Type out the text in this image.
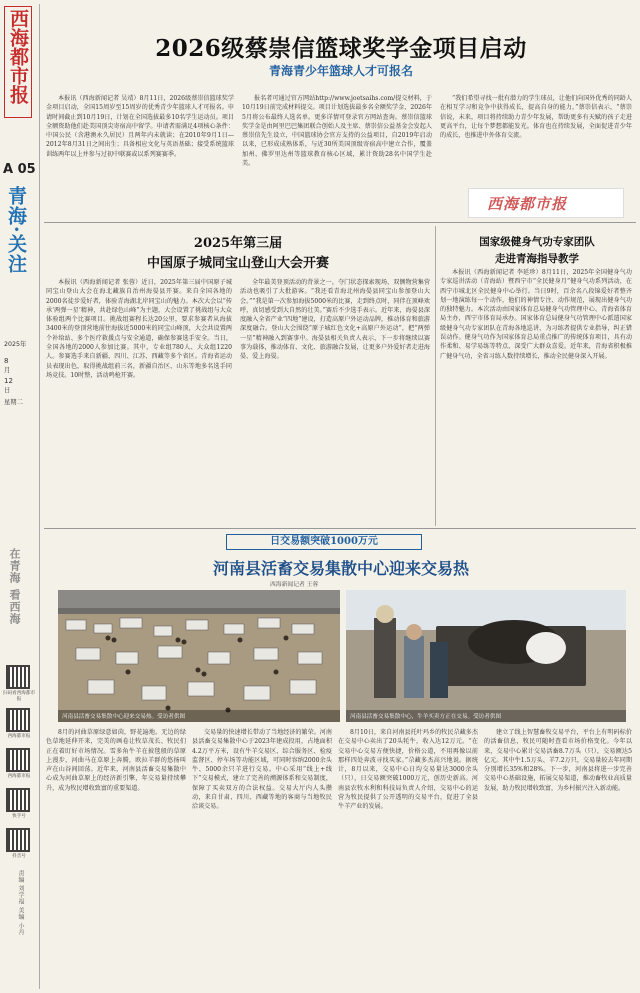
西海都市报
A 05
青海·关注
2025年
8
月
12
日
星期二
在青海 看西海
扫码看西海都市报
西海都市报
西海都市报
快手号
抖音号
责编 刘学福 美编 小丹
2026级蔡崇信篮球奖学金项目启动
青海青少年篮球人才可报名
本报讯（西海新闻记者 吴靖）8月11日，2026级蔡崇信篮球奖学金项目启动，全国15周岁至15周岁的优秀青少年篮球人才可报名。申请时间截止到10月19日，计划在全国选拔最多10名学生运动员。项目全额资助他们赴美国顶尖寄宿高中留学。申请者需满足4项核心条件：中国公民（含港澳永久居民）且两年内未就读；在2010年9月1日—2012年8月31日之间出生；具备相应文化与英语基础；接受系统篮球训练两年以上并参与过初中联赛或以系列赛赛季。
报名者可通过官方网站http://www.joetsaihs.com/提交材料，于10月19日前完成材料提交。项目计划选拔最多名全额奖学金，2026年5月将公布最终人选名单。更多详情可登录官方网站查询。蔡崇信篮球奖学金是由阿里巴巴集团联合创始人及主席、蔡崇信公益基金会发起人蔡崇信先生设立，中国篮球协会官方支持的公益项目，自2019年启动以来，已形成成熟体系，与近30所美国顶级寄宿高中建立合作，覆盖加州、佛罗里达州等篮球教育核心区域，累计资助28名中国学生赴美。
“我们希望寻找一批有潜力的学生球员，让他们向国外优秀的同龄人在相互学习和竞争中获得成长，提高自身的能力，”蔡崇信表示，“蔡崇信说，未来，项目将持续助力青少年发展，帮助更多有天赋的孩子走进更高平台，让每个梦想都能发光。体育也在持续发展，全面促进青少年的成长，也推进中外体育交流。
西海都市报
2025年第三届
中国原子城同宝山登山大会开赛
本报讯（西海新闻记者 张蓉）近日，2025年第三届中国原子城同宝山登山大会在海北藏族自治州海晏县开赛。来自全国各地的2000名徒步爱好者，体验青海湖北岸同宝山的魅力。本次大会以“传承‘两弹一星’精神，共赴绿色山峰”为主题，大会设置了挑战组与大众体验组两个比赛项目。挑战组赛程长达20公里，要求参赛者从海拔3400米的登顶营地前往海拔近5000米的同宝山峰顶，大会共设置两个补给站、多个医疗救援点与安全通道，确保参赛选手安全。当日，全国各地的2000人参加比赛。其中，专业组780人、大众组1220人。参赛选手来自新疆、四川、江苏、西藏等多个省区。青海省运动员表现出色，取得挑战组前三名，新疆自治区、山东等地多名选手同场竞技。10时整，活动鸣枪开赛。
全年最美登顶活动的背景之一，夺门状态探索现场，双侧物营集营活动也吸引了大批游客。“我还看青海北州海晏县同宝山参加登山大会。”“我是第一次参加海拔5000米的比赛，走到终点时，同伴在顶峰欢呼，真切感受到大自然的壮美。”赛后不少选手表示。近年来，海晏县深度融入全省产业“四地”建设，打造高原户外运动品牌，推动体育和旅游深度融合。登山大会围绕“原子城红色文化+高原户外运动”，把“两弹一星”精神融入到赛事中。海晏县相关负责人表示，下一步将继续以赛事为载体，推动体育、文化、旅游融合发展，让更多户外爱好者走进海晏、爱上海晏。
国家级健身气功专家团队
走进青海指导教学
本报讯（西海新闻记者 李延珍）8月11日，2025年全国健身气功专家巡讲活动（青海站）暨西宁市“全民健身月”健身气功系列活动，在西宁市城北区全民健身中心举行。当日9时，百余名八段锦爱好者整齐划一地演练每一个动作，他们的神情专注、动作规范，展现出健身气功的独特魅力。本次活动由国家体育总局健身气功管理中心、青海省体育局主办，西宁市体育局承办。国家体育总局健身气功管理中心派遣国家级健身气功专家团队在青海各地巡讲，为习练者提供专业指导，纠正错误动作。健身气功作为国家体育总局重点推广的传统体育项目，具有动作柔和、易学易练等特点，深受广大群众喜爱。近年来，青海省积极推广健身气功，全省习练人数持续增长，推动全民健身深入开展。
日交易额突破1000万元
河南县活畜交易集散中心迎来交易热
西海新闻记者 王蓉
河南县活畜交易集散中心迎来交易热。受访者供图	河南县活畜交易集散中心，牛羊买卖方正在交易。受访者供图
8月的河曲草原绿意如茵，野花遍地。无边的绿色草地延伸开来，完美的画卷让牧草茂长、牧民们正在着盯好市场情况。雪多角牛羊在披毯般的草原上漫步，河曲马在草原上奔腾，欧拉羊群的悠扬叫声在山谷间回荡。近年来，河南县活畜交易集散中心成为河曲草原上的经济新引擎，年交易量持续攀升，成为牧民增收致富的重要渠道。
交易量的快速增长带动了当地经济的繁荣。河南县活畜交易集散中心于2023年建成投用，占地面积4.2万平方米，设有牛羊交易区、综合服务区、检疫监督区、停车场等功能区域，可同时容纳2000余头牛、5000余只羊进行交易。中心采用“线上+线下”交易模式，建立了完善的溯源体系和交易制度，保障了买卖双方的合法权益。交易大厅内人头攒动，来自甘肃、四川、西藏等地的客商与当地牧民洽谈交易。
8月10日，来自河南县托叶玛乡的牧民尕藏多杰在交易中心卖出了20头牦牛，收入达12万元。“在交易中心交易方便快捷，价格公道，不用再像以前那样四处奔波寻找买家。”尕藏多杰高兴地说。据统计，8月以来，交易中心日均交易量达3000余头（只），日交易额突破1000万元，创历史新高。河南县农牧水利和科技局负责人介绍，交易中心的运营为牧民提供了公开透明的交易平台，促进了全县牛羊产业的发展。
建立了线上智慧畜牧交易平台，平台上有明码标价的活畜信息，牧民可随时查看市场价格变化。今年以来，交易中心累计交易活畜8.7万头（只），交易额达5亿元。其中牛1.5万头、羊7.2万只，交易量较去年同期分别增长35%和28%。下一步，河南县将进一步完善交易中心基础设施，拓展交易渠道，推动畜牧业高质量发展，助力牧民增收致富，为乡村振兴注入新动能。
